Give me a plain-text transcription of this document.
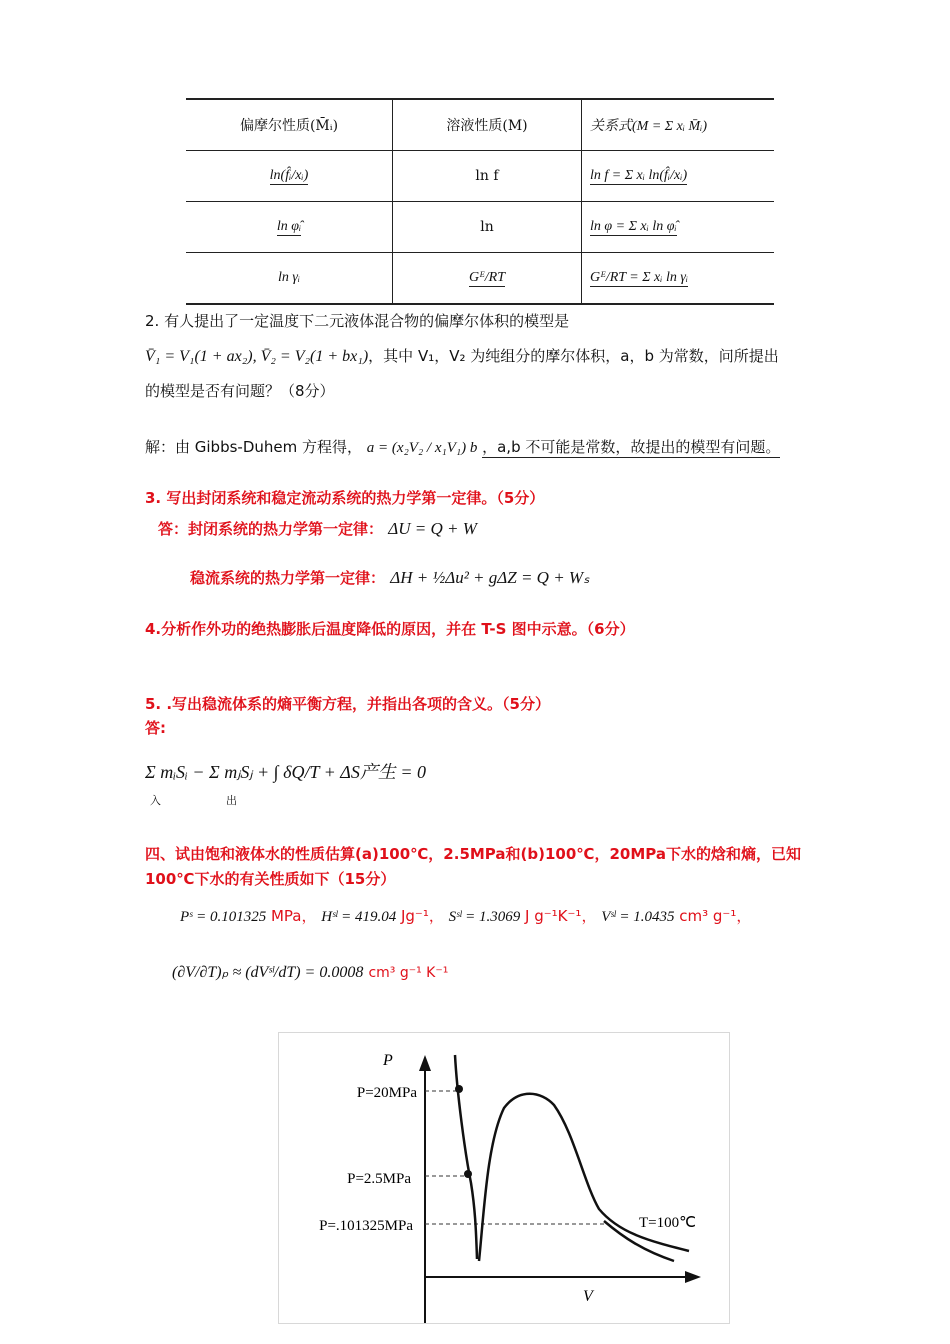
偏摩尔性质(M̄ᵢ)	溶液性质(M)	关系式(M = Σ xᵢ M̄ᵢ)
ln(f̂ᵢ/xᵢ)	ln f	ln f = Σ xᵢ ln(f̂ᵢ/xᵢ)
ln φ̂ᵢ	ln	ln φ = Σ xᵢ ln φ̂ᵢ
ln γᵢ	Gᴱ/RT	Gᴱ/RT = Σ xᵢ ln γᵢ
2. 有人提出了一定温度下二元液体混合物的偏摩尔体积的模型是
V̄₁ = V₁(1 + ax₂), V̄₂ = V₂(1 + bx₁)，其中 V₁，V₂ 为纯组分的摩尔体积，a，b 为常数，问所提出
的模型是否有问题？（8分）
解：由 Gibbs-Duhem 方程得， a = (x₂V₂ / x₁V₁) b ，a,b 不可能是常数，故提出的模型有问题。
3. 写出封闭系统和稳定流动系统的热力学第一定律。（5分）
答：封闭系统的热力学第一定律： ΔU = Q + W
稳流系统的热力学第一定律： ΔH + ½Δu² + gΔZ = Q + Wₛ
4.分析作外功的绝热膨胀后温度降低的原因，并在 T-S 图中示意。（6分）
5. .写出稳流体系的熵平衡方程，并指出各项的含义。（5分）
答:
Σ mᵢSᵢ − Σ mⱼSⱼ + ∫ δQ/T + ΔS产生 = 0
入	出
四、试由饱和液体水的性质估算(a)100℃，2.5MPa和(b)100℃，20MPa下水的焓和熵，已知
100℃下水的有关性质如下（15分）
Pˢ = 0.101325 MPa， Hˢˡ = 419.04 Jg⁻¹， Sˢˡ = 1.3069 J g⁻¹K⁻¹， Vˢˡ = 1.0435 cm³ g⁻¹，
(∂V/∂T)ₚ ≈ (dVˢˡ/dT) = 0.0008 cm³ g⁻¹ K⁻¹
P
V
P=20MPa
P=2.5MPa
P=.101325MPa	T=100℃
